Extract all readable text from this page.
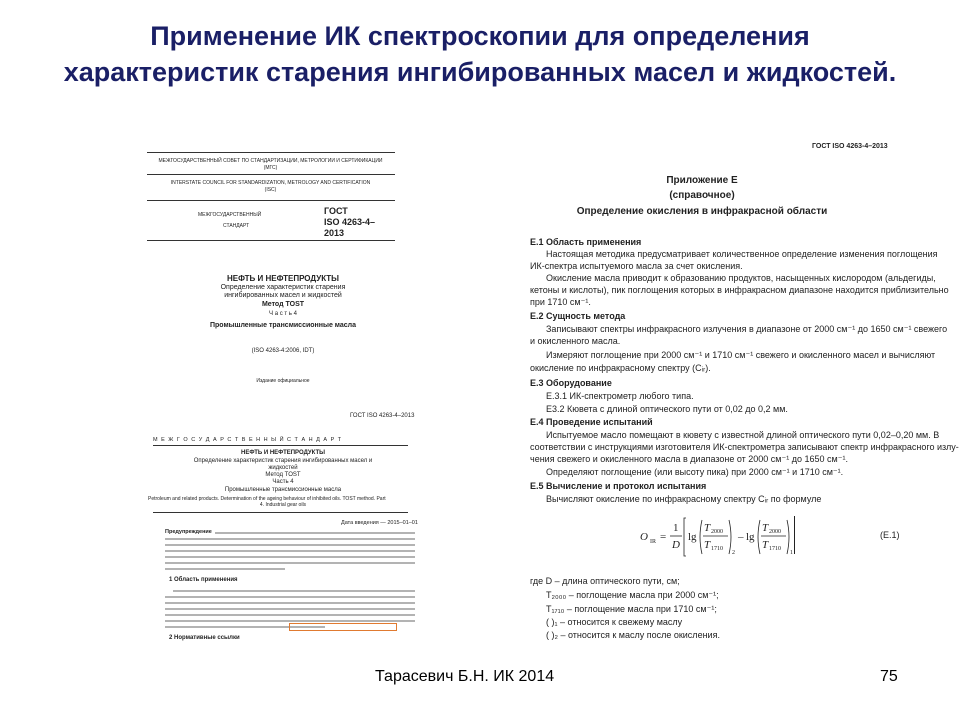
Применение ИК спектроскопии для определения
характеристик старения ингибированных масел и жидкостей.
МЕЖГОСУДАРСТВЕННЫЙ СОВЕТ ПО СТАНДАРТИЗАЦИИ, МЕТРОЛОГИИ И СЕРТИФИКАЦИИ
(МГС)
INTERSTATE COUNCIL FOR STANDARDIZATION, METROLOGY AND CERTIFICATION
(ISC)
МЕЖГОСУДАРСТВЕННЫЙ
СТАНДАРТ
ГОСТ
ISO 4263-4–
2013
НЕФТЬ И НЕФТЕПРОДУКТЫ
Определение характеристик старения
ингибированных масел и жидкостей
Метод TOST
Ч а с т ь 4
Промышленные трансмиссионные масла
(ISO 4263-4:2006, IDT)
Издание официальное
ГОСТ ISO 4263-4–2013
М Е Ж Г О С У Д А Р С Т В Е Н Н Ы Й С Т А Н Д А Р Т
НЕФТЬ И НЕФТЕПРОДУКТЫ
Определение характеристик старения ингибированных масел и
жидкостей
Метод TOST
Часть 4
Промышленные трансмиссионные масла
Petroleum and related products. Determination of the ageing behaviour of inhibited oils. TOST method. Part
4. Industrial gear oils
Дата введения — 2015–01–01
Предупреждение
1 Область применения
2 Нормативные ссылки
ГОСТ ISO 4263-4–2013
Приложение Е
(справочное)
Определение окисления в инфракрасной области
Е.1 Область применения
Настоящая методика предусматривает количественное определение изменения поглощения
ИК-спектра испытуемого масла за счет окисления.
Окисление масла приводит к образованию продуктов, насыщенных кислородом (альдегиды,
кетоны и кислоты), пик поглощения которых в инфракрасном диапазоне находится приблизительно
при 1710 см⁻¹.
Е.2 Сущность метода
Записывают спектры инфракрасного излучения в диапазоне от 2000 см⁻¹ до 1650 см⁻¹ свежего
и окисленного масла.
Измеряют поглощение при 2000 см⁻¹ и 1710 см⁻¹ свежего и окисленного масел и вычисляют
окисление по инфракрасному спектру (Cᵢᵣ).
Е.3 Оборудование
Е.3.1 ИК-спектрометр любого типа.
Е3.2 Кювета с длиной оптического пути от 0,02 до 0,2 мм.
Е.4 Проведение испытаний
Испытуемое масло помещают в кювету с известной длиной оптического пути 0,02–0,20 мм. В
соответствии с инструкциями изготовителя ИК-спектрометра записывают спектр инфракрасного излу-
чения свежего и окисленного масла в диапазоне от 2000 см⁻¹ до 1650 см⁻¹.
Определяют поглощение (или высоту пика) при 2000 см⁻¹ и 1710 см⁻¹.
Е.5 Вычисление и протокол испытания
Вычисляют окисление по инфракрасному спектру Cᵢᵣ по формуле
O IR =
1
D
lg
T 2000
T 1710
2
– lg
T 2000
T 1710
1
(Е.1)
где D – длина оптического пути, см;
T₂₀₀₀ – поглощение масла при 2000 см⁻¹;
T₁₇₁₀ – поглощение масла при 1710 см⁻¹;
( )₁ – относится к свежему маслу
( )₂ – относится к маслу после окисления.
Тарасевич Б.Н. ИК 2014	75
